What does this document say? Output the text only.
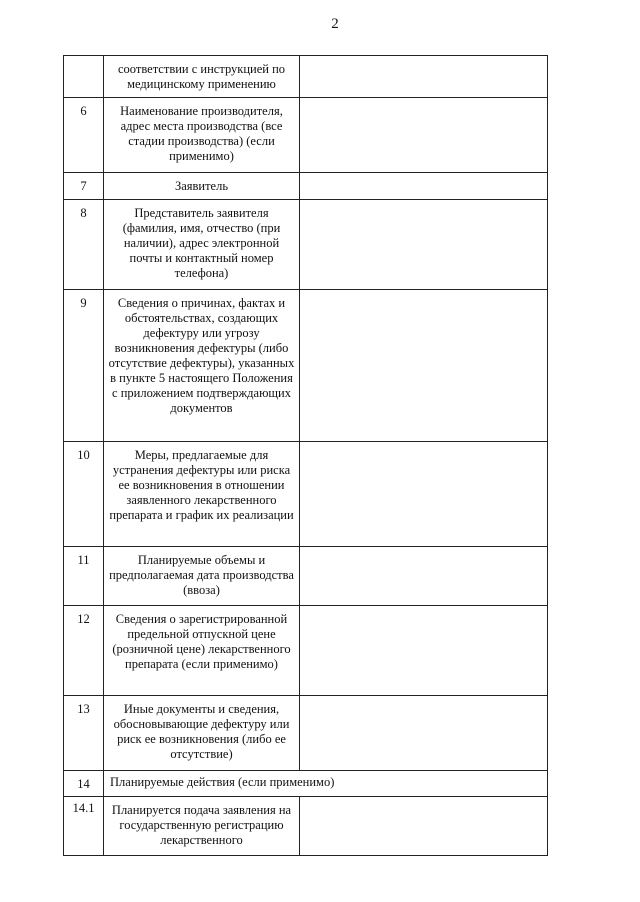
2
	соответствии с инструкцией по медицинскому применению	
6	Наименование производителя, адрес места производства (все стадии производства) (если применимо)	
7	Заявитель	
8	Представитель заявителя (фамилия, имя, отчество (при наличии), адрес электронной почты и контактный номер телефона)	
9	Сведения о причинах, фактах и обстоятельствах, создающих дефектуру или угрозу возникновения дефектуры (либо отсутствие дефектуры), указанных в пункте 5 настоящего Положения с приложением подтверждающих документов	
10	Меры, предлагаемые для устранения дефектуры или риска ее возникновения в отношении заявленного лекарственного препарата и график их реализации	
11	Планируемые объемы и предполагаемая дата производства (ввоза)	
12	Сведения о зарегистрированной предельной отпускной цене (розничной цене) лекарственного препарата (если применимо)	
13	Иные документы и сведения, обосновывающие дефектуру или риск ее возникновения (либо ее отсутствие)	
14	Планируемые действия (если применимо)	
14.1	Планируется подача заявления на государственную регистрацию лекарственного	
